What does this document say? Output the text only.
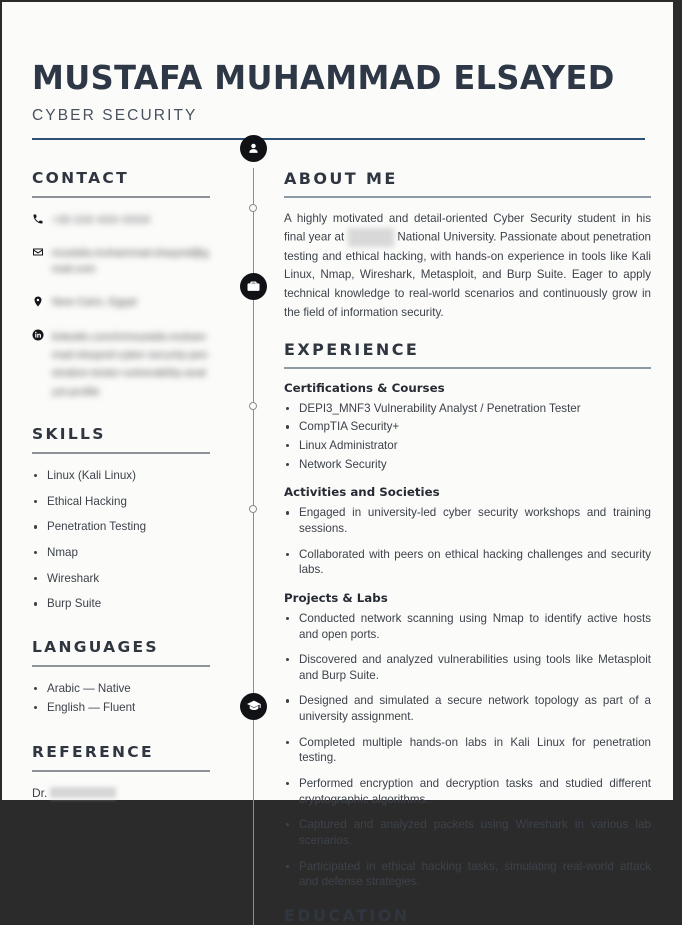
MUSTAFA MUHAMMAD ELSAYED
CYBER SECURITY
CONTACT
+20 1XX XXX XXXX
mustafa.muhammad.elsayed@gmail.com
New Cairo, Egypt
linkedin.com/in/mustafa-muhammad-elsayed-cyber-security-penetration-tester-vulnerability-analyst-profile
SKILLS
Linux (Kali Linux)
Ethical Hacking
Penetration Testing
Nmap
Wireshark
Burp Suite
LANGUAGES
Arabic — Native
English — Fluent
REFERENCE
Dr.
ABOUT ME

A highly motivated and detail-oriented Cyber Security student in his final year at	National University. Passionate about penetration testing and ethical hacking, with hands-on experience in tools like Kali Linux, Nmap, Wireshark, Metasploit, and Burp Suite. Eager to apply technical knowledge to real-world scenarios and continuously grow in the field of information security.

EXPERIENCE
Certifications & Courses
DEPI3_MNF3 Vulnerability Analyst / Penetration Tester
CompTIA Security+
Linux Administrator
Network Security
Activities and Societies
Engaged in university-led cyber security workshops and training sessions.
Collaborated with peers on ethical hacking challenges and security labs.
Projects & Labs
Conducted network scanning using Nmap to identify active hosts and open ports.
Discovered and analyzed vulnerabilities using tools like Metasploit and Burp Suite.
Designed and simulated a secure network topology as part of a university assignment.
Completed multiple hands-on labs in Kali Linux for penetration testing.
Performed encryption and decryption tasks and studied different cryptographic algorithms.
Captured and analyzed packets using Wireshark in various lab scenarios.
Participated in ethical hacking tasks, simulating real-world attack and defense strategies.
EDUCATION
